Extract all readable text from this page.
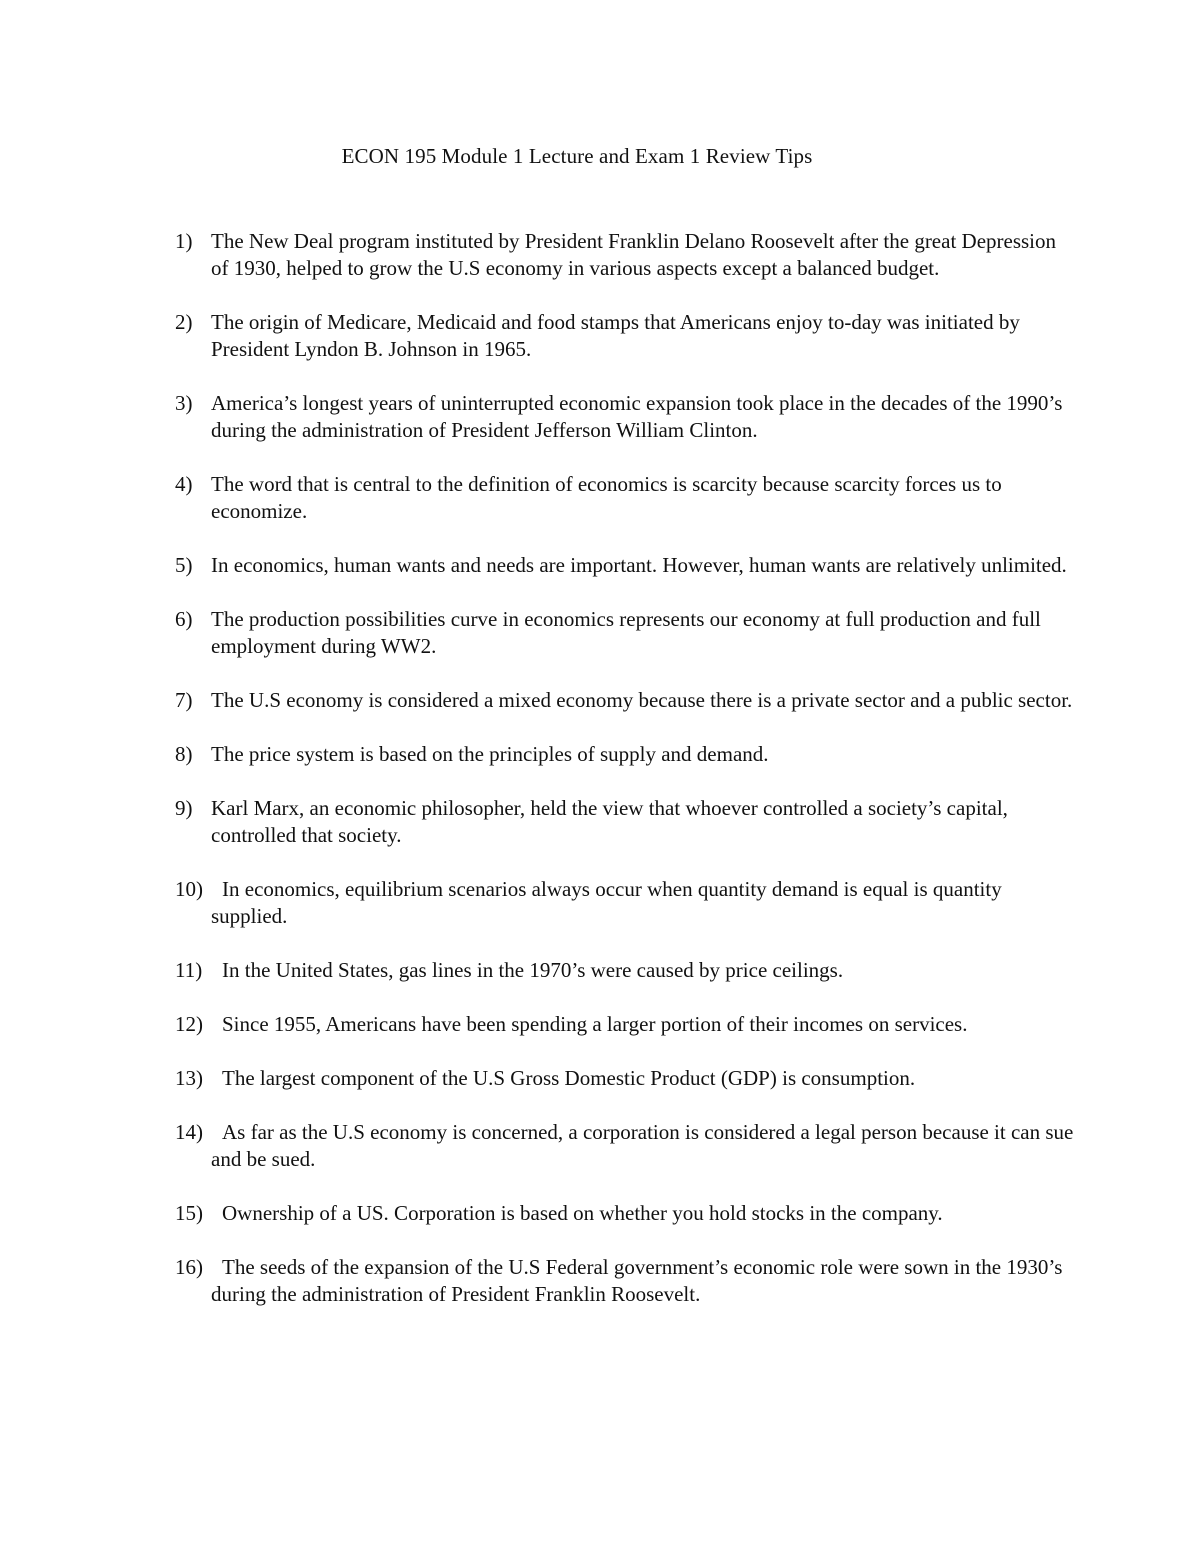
ECON 195 Module 1 Lecture and Exam 1 Review Tips
1) The New Deal program instituted by President Franklin Delano Roosevelt after the great Depression of 1930, helped to grow the U.S economy in various aspects except a balanced budget.
2) The origin of Medicare, Medicaid and food stamps that Americans enjoy to-day was initiated by President Lyndon B. Johnson in 1965.
3) America’s longest years of uninterrupted economic expansion took place in the decades of the 1990’s during the administration of President Jefferson William Clinton.
4) The word that is central to the definition of economics is scarcity because scarcity forces us to economize.
5) In economics, human wants and needs are important. However, human wants are relatively unlimited.
6) The production possibilities curve in economics represents our economy at full production and full employment during WW2.
7) The U.S economy is considered a mixed economy because there is a private sector and a public sector.
8) The price system is based on the principles of supply and demand.
9) Karl Marx, an economic philosopher, held the view that whoever controlled a society’s capital, controlled that society.
10) In economics, equilibrium scenarios always occur when quantity demand is equal is quantity supplied.
11) In the United States, gas lines in the 1970’s were caused by price ceilings.
12) Since 1955, Americans have been spending a larger portion of their incomes on services.
13) The largest component of the U.S Gross Domestic Product (GDP) is consumption.
14) As far as the U.S economy is concerned, a corporation is considered a legal person because it can sue and be sued.
15) Ownership of a US. Corporation is based on whether you hold stocks in the company.
16) The seeds of the expansion of the U.S Federal government’s economic role were sown in the 1930’s during the administration of President Franklin Roosevelt.
